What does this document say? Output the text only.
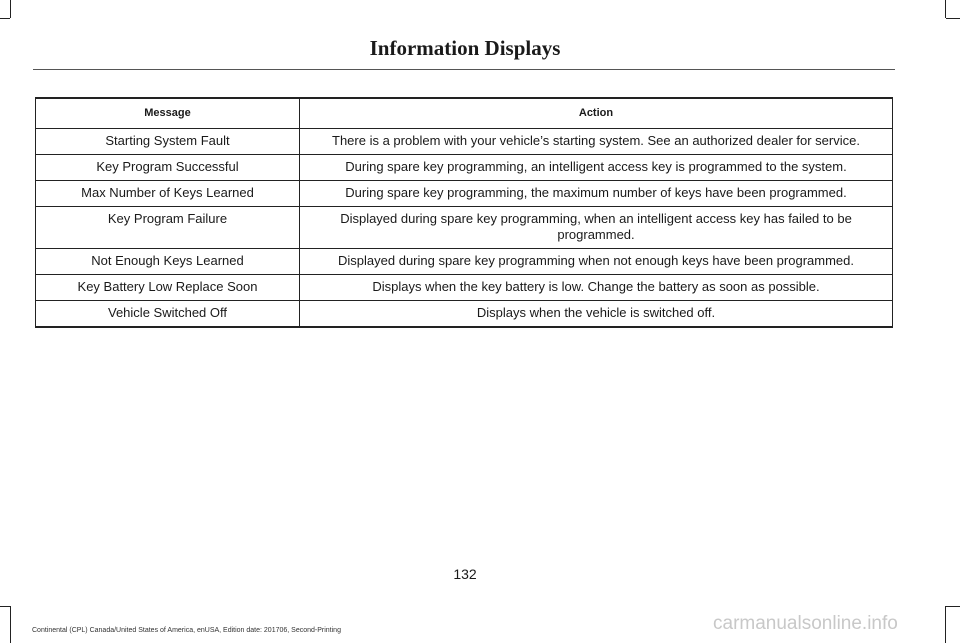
Information Displays
Message	Action
Starting System Fault	There is a problem with your vehicle’s starting system. See an authorized dealer for service.
Key Program Successful	During spare key programming, an intelligent access key is programmed to the system.
Max Number of Keys Learned	During spare key programming, the maximum number of keys have been programmed.
Key Program Failure	Displayed during spare key programming, when an intelligent access key has failed to be programmed.
Not Enough Keys Learned	Displayed during spare key programming when not enough keys have been programmed.
Key Battery Low Replace Soon	Displays when the key battery is low. Change the battery as soon as possible.
Vehicle Switched Off	Displays when the vehicle is switched off.
132
Continental (CPL) Canada/United States of America, enUSA, Edition date: 201706, Second-Printing	carmanualsonline.info
